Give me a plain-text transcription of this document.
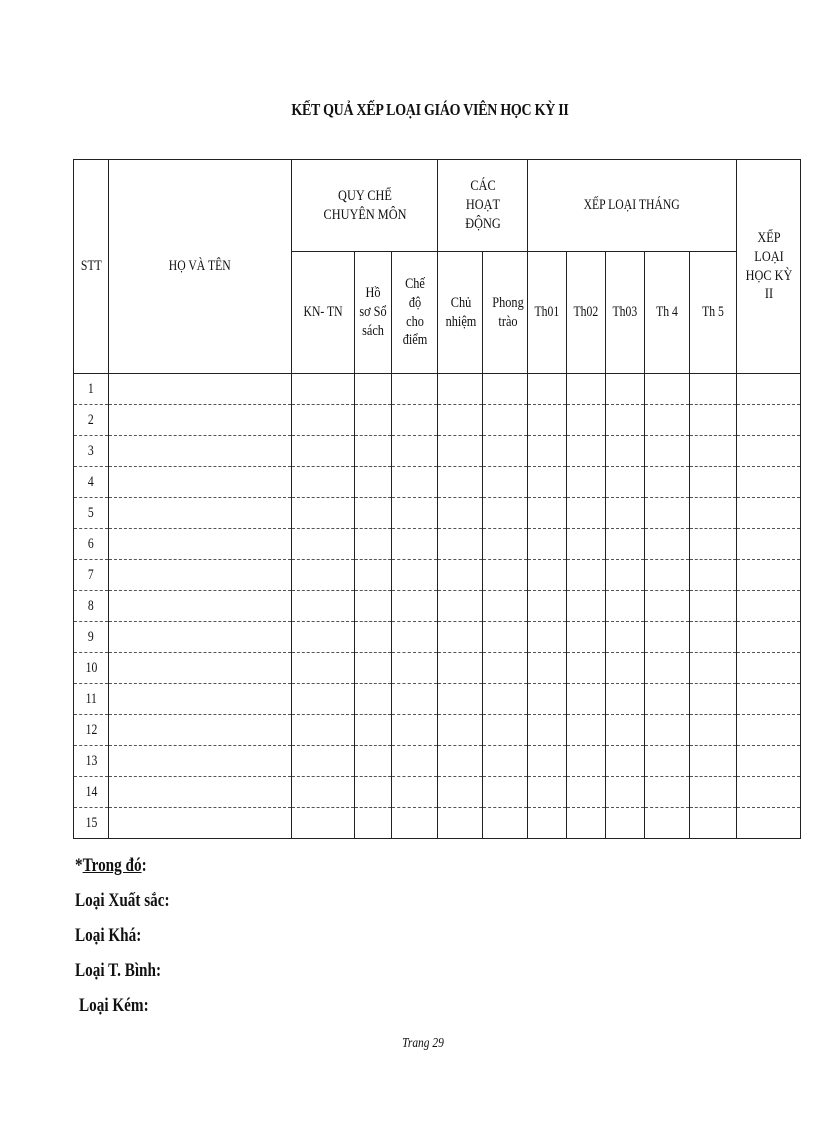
KẾT QUẢ XẾP LOẠI GIÁO VIÊN HỌC KỲ II
STT	HỌ VÀ TÊN	QUY CHẾ CHUYÊN MÔN			CÁC HOẠT ĐỘNG		XẾP LOẠI THÁNG					XẾP LOẠI HỌC KỲ II
		KN- TN	Hồ sơ Sổ sách	Chế độ cho điểm	Chủ nhiệm	Phong trào	Th01	Th02	Th03	Th 4	Th 5	
1												
2												
3												
4												
5												
6												
7												
8												
9												
10												
11												
12												
13												
14												
15												
*Trong đó:
Loại Xuất sắc:
Loại Khá:
Loại T. Bình:
Loại Kém:
Trang 29
